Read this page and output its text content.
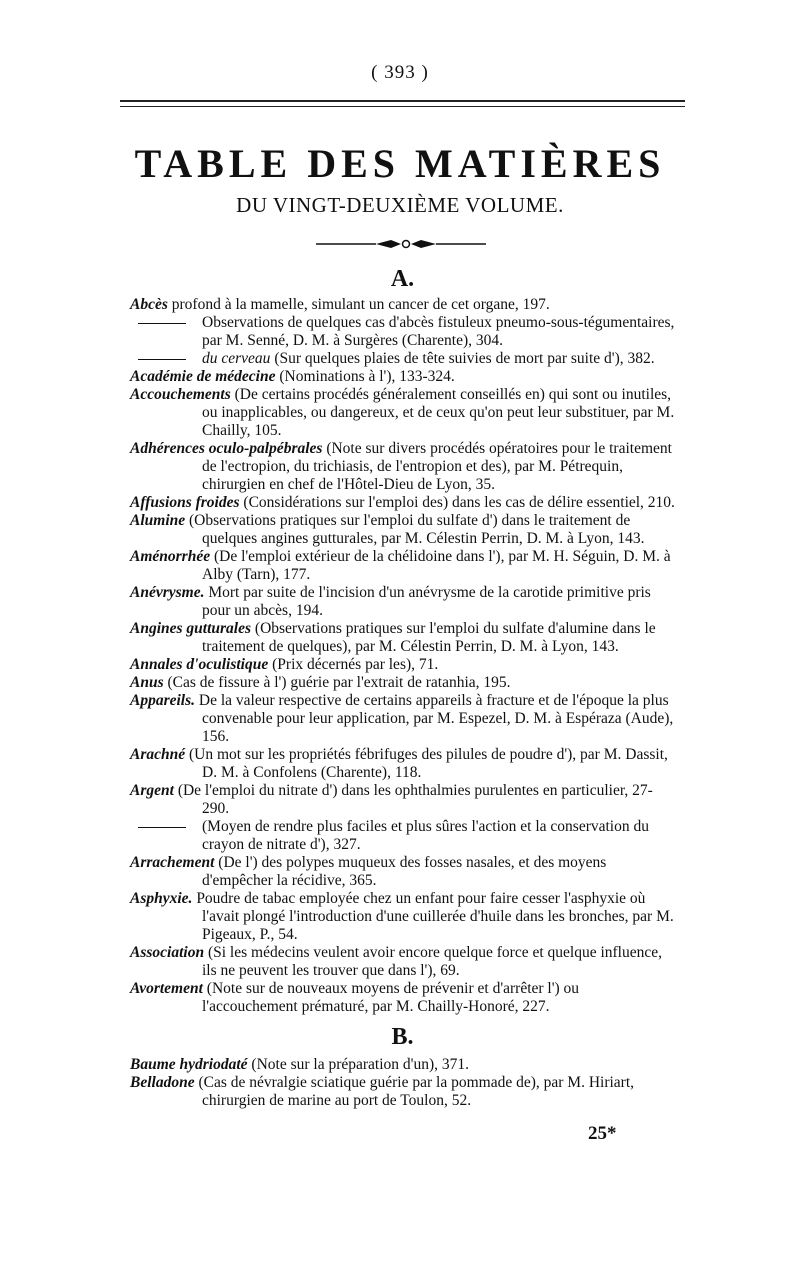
( 393 )
TABLE DES MATIÈRES
DU VINGT-DEUXIÈME VOLUME.
A.

Abcès profond à la mamelle, simulant un cancer de cet organe, 197.

Observations de quelques cas d'abcès fistuleux pneumo-sous-tégumentaires, par M. Senné, D. M. à Surgères (Charente), 304.

du cerveau (Sur quelques plaies de tête suivies de mort par suite d'), 382.

Académie de médecine (Nominations à l'), 133-324.

Accouchements (De certains procédés généralement conseillés en) qui sont ou inutiles, ou inapplicables, ou dangereux, et de ceux qu'on peut leur substituer, par M. Chailly, 105.

Adhérences oculo-palpébrales (Note sur divers procédés opératoires pour le traitement de l'ectropion, du trichiasis, de l'entropion et des), par M. Pétrequin, chirurgien en chef de l'Hôtel-Dieu de Lyon, 35.

Affusions froides (Considérations sur l'emploi des) dans les cas de délire essentiel, 210.

Alumine (Observations pratiques sur l'emploi du sulfate d') dans le traitement de quelques angines gutturales, par M. Célestin Perrin, D. M. à Lyon, 143.

Aménorrhée (De l'emploi extérieur de la chélidoine dans l'), par M. H. Séguin, D. M. à Alby (Tarn), 177.

Anévrysme. Mort par suite de l'incision d'un anévrysme de la carotide primitive pris pour un abcès, 194.

Angines gutturales (Observations pratiques sur l'emploi du sulfate d'alumine dans le traitement de quelques), par M. Célestin Perrin, D. M. à Lyon, 143.

Annales d'oculistique (Prix décernés par les), 71.

Anus (Cas de fissure à l') guérie par l'extrait de ratanhia, 195.

Appareils. De la valeur respective de certains appareils à fracture et de l'époque la plus convenable pour leur application, par M. Espezel, D. M. à Espéraza (Aude), 156.

Arachné (Un mot sur les propriétés fébrifuges des pilules de poudre d'), par M. Dassit, D. M. à Confolens (Charente), 118.

Argent (De l'emploi du nitrate d') dans les ophthalmies purulentes en particulier, 27-290.

(Moyen de rendre plus faciles et plus sûres l'action et la conservation du crayon de nitrate d'), 327.

Arrachement (De l') des polypes muqueux des fosses nasales, et des moyens d'empêcher la récidive, 365.

Asphyxie. Poudre de tabac employée chez un enfant pour faire cesser l'asphyxie où l'avait plongé l'introduction d'une cuillerée d'huile dans les bronches, par M. Pigeaux, P., 54.

Association (Si les médecins veulent avoir encore quelque force et quelque influence, ils ne peuvent les trouver que dans l'), 69.

Avortement (Note sur de nouveaux moyens de prévenir et d'arrêter l') ou l'accouchement prématuré, par M. Chailly-Honoré, 227.

B.

Baume hydriodaté (Note sur la préparation d'un), 371.

Belladone (Cas de névralgie sciatique guérie par la pommade de), par M. Hiriart, chirurgien de marine au port de Toulon, 52.

25*
